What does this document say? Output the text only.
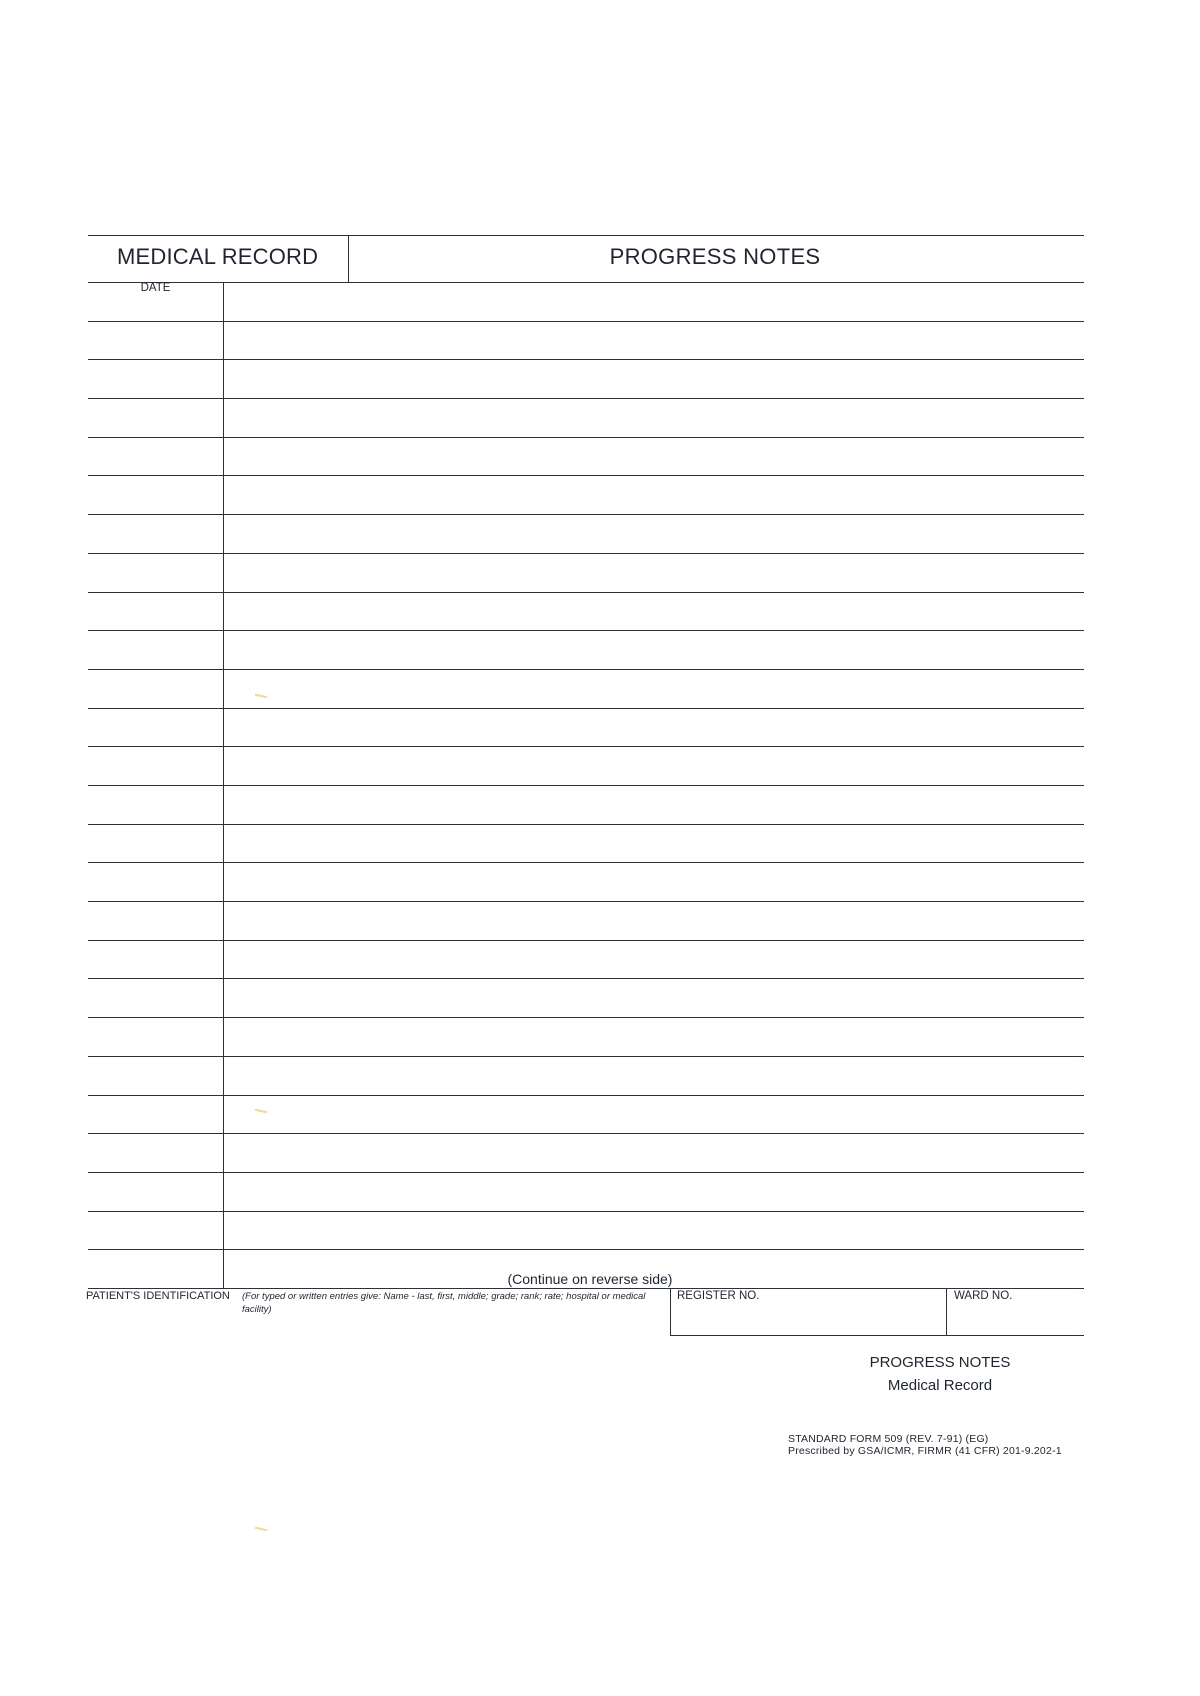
MEDICAL RECORD	PROGRESS NOTES
DATE
(Continue on reverse side)
PATIENT'S IDENTIFICATION (For typed or written entries give: Name - last, first, middle; grade; rank; rate; hospital or medical facility)
REGISTER NO.	WARD NO.
PROGRESS NOTES
Medical Record
STANDARD FORM 509 (REV. 7-91) (EG)
Prescribed by GSA/ICMR, FIRMR (41 CFR) 201-9.202-1
